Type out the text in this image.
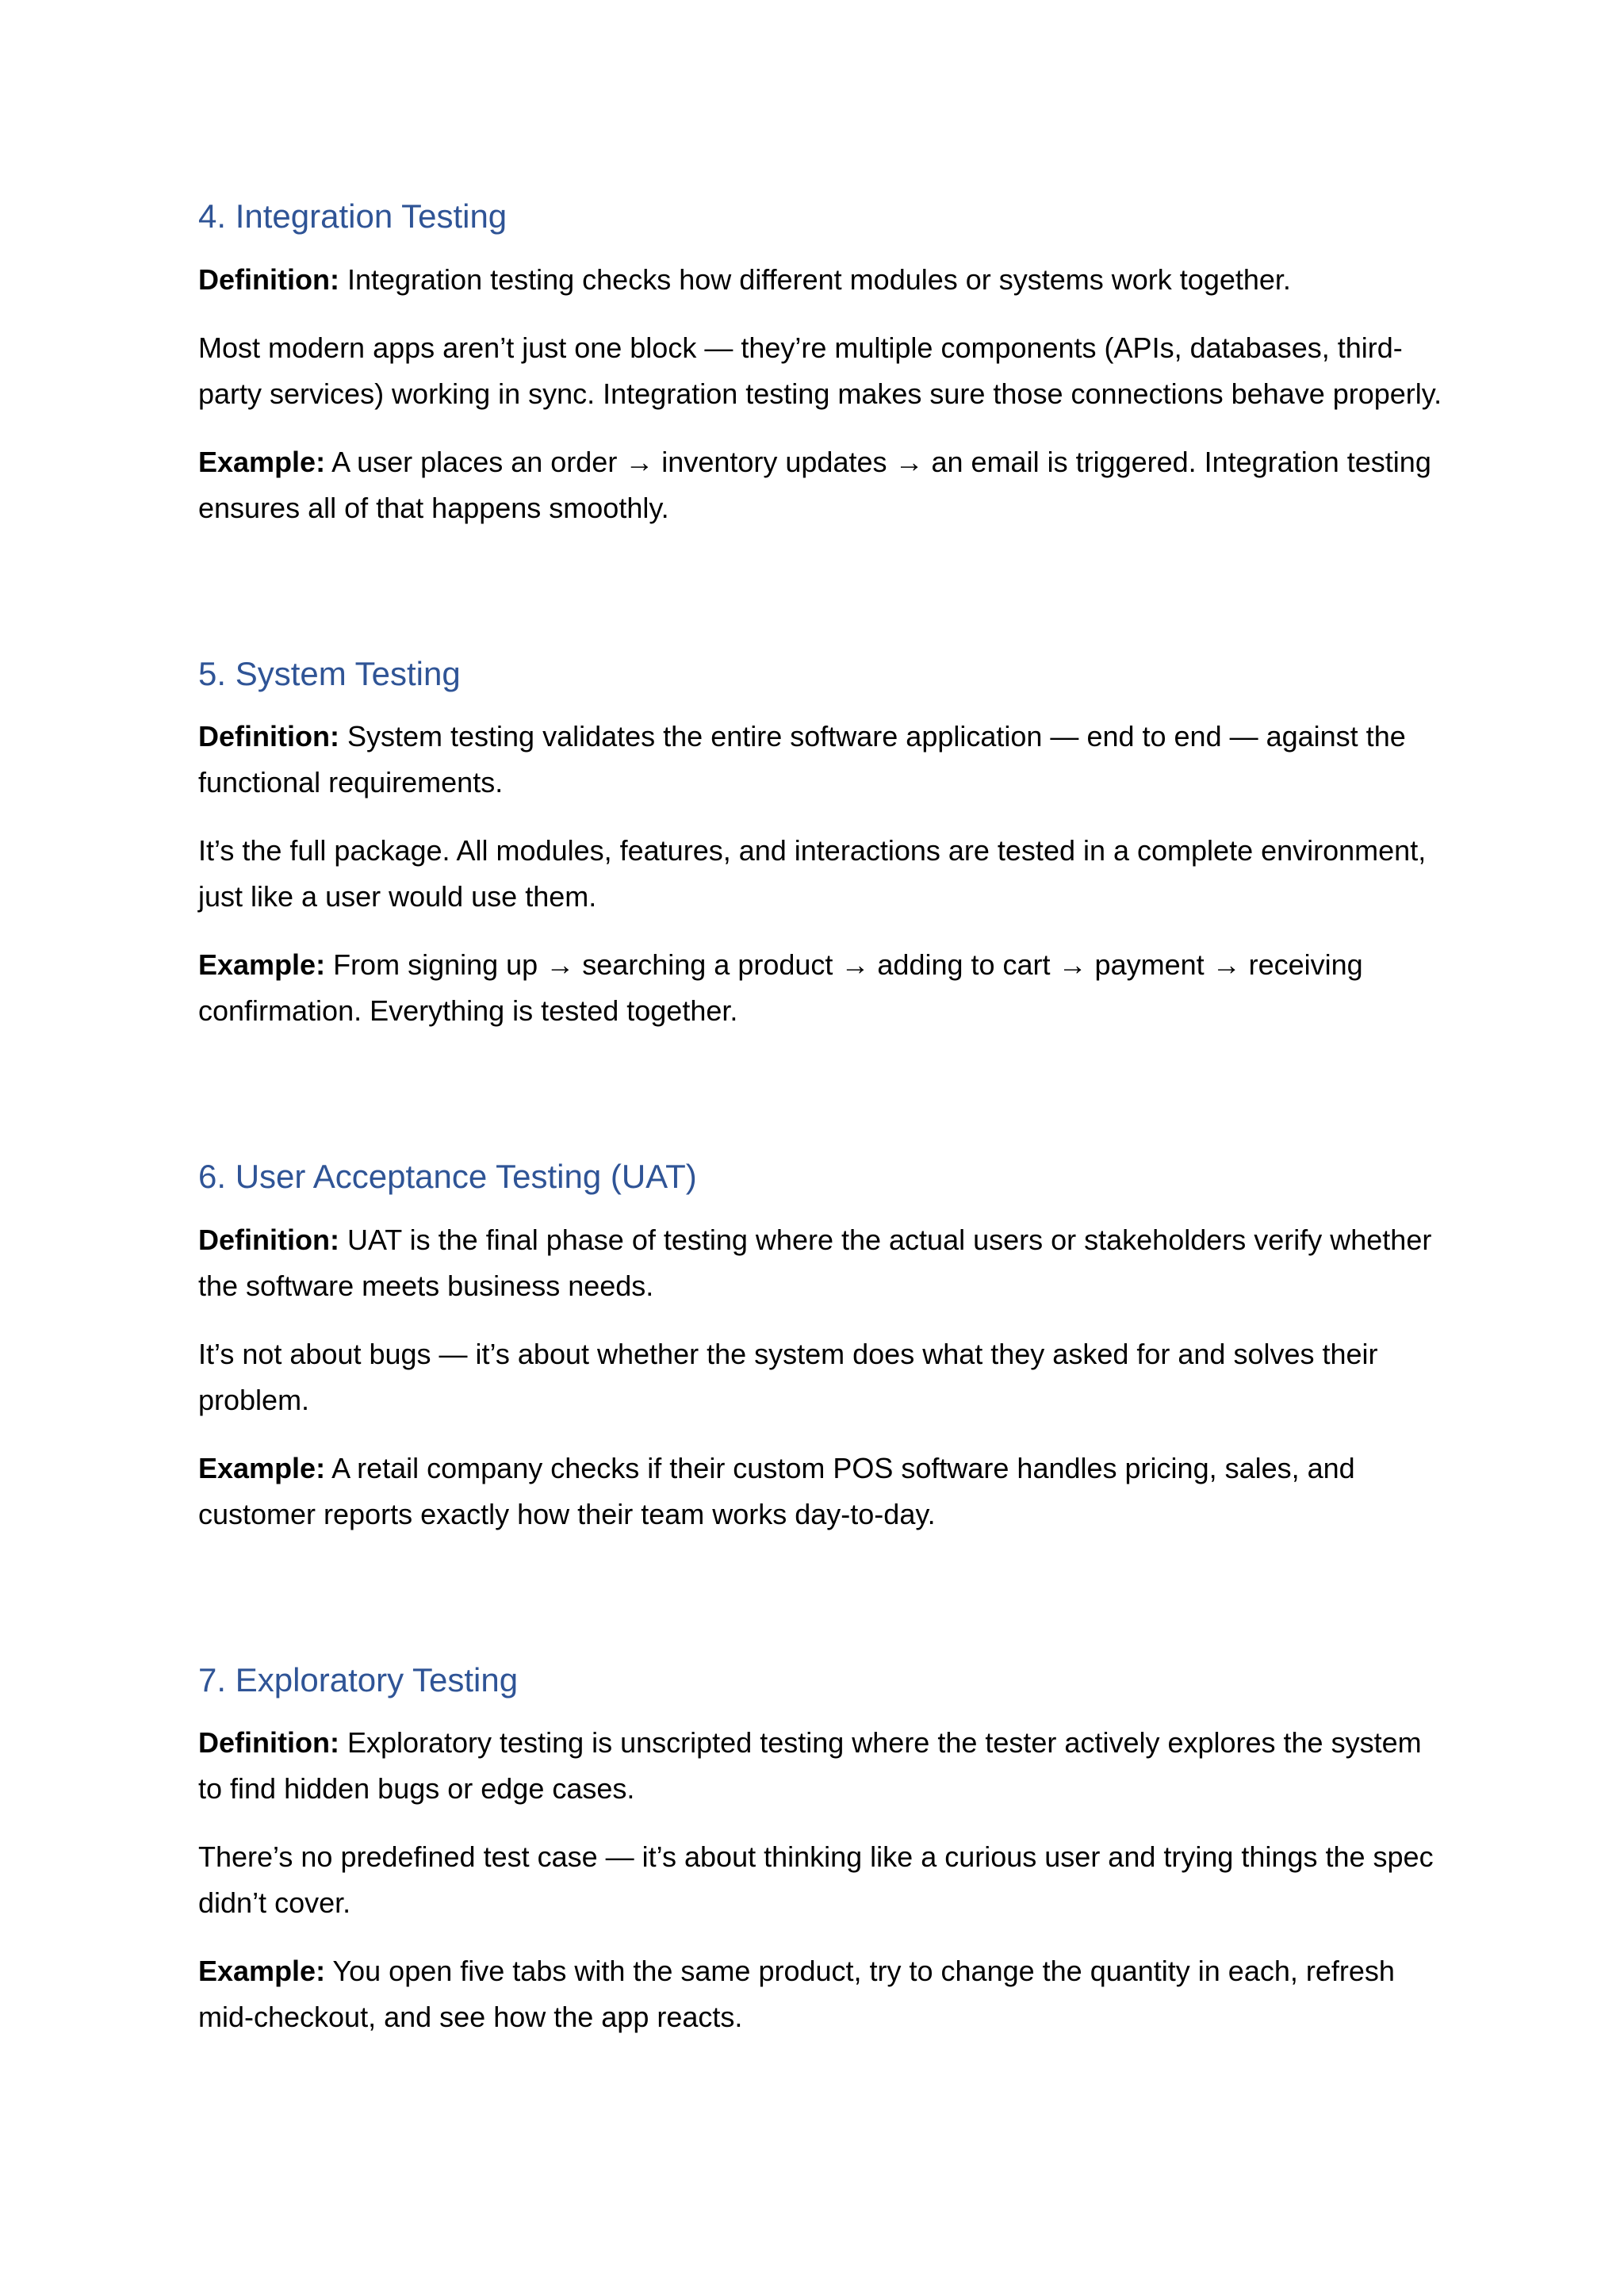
4. Integration Testing

Definition: Integration testing checks how different modules or systems work together.

Most modern apps aren’t just one block — they’re multiple components (APIs, databases, third-party services) working in sync. Integration testing makes sure those connections behave properly.

Example: A user places an order → inventory updates → an email is triggered. Integration testing ensures all of that happens smoothly.

5. System Testing

Definition: System testing validates the entire software application — end to end — against the functional requirements.

It’s the full package. All modules, features, and interactions are tested in a complete environment, just like a user would use them.

Example: From signing up → searching a product → adding to cart → payment → receiving confirmation. Everything is tested together.

6. User Acceptance Testing (UAT)

Definition: UAT is the final phase of testing where the actual users or stakeholders verify whether the software meets business needs.

It’s not about bugs — it’s about whether the system does what they asked for and solves their problem.

Example: A retail company checks if their custom POS software handles pricing, sales, and customer reports exactly how their team works day-to-day.

7. Exploratory Testing

Definition: Exploratory testing is unscripted testing where the tester actively explores the system to find hidden bugs or edge cases.

There’s no predefined test case — it’s about thinking like a curious user and trying things the spec didn’t cover.

Example: You open five tabs with the same product, try to change the quantity in each, refresh mid-checkout, and see how the app reacts.
